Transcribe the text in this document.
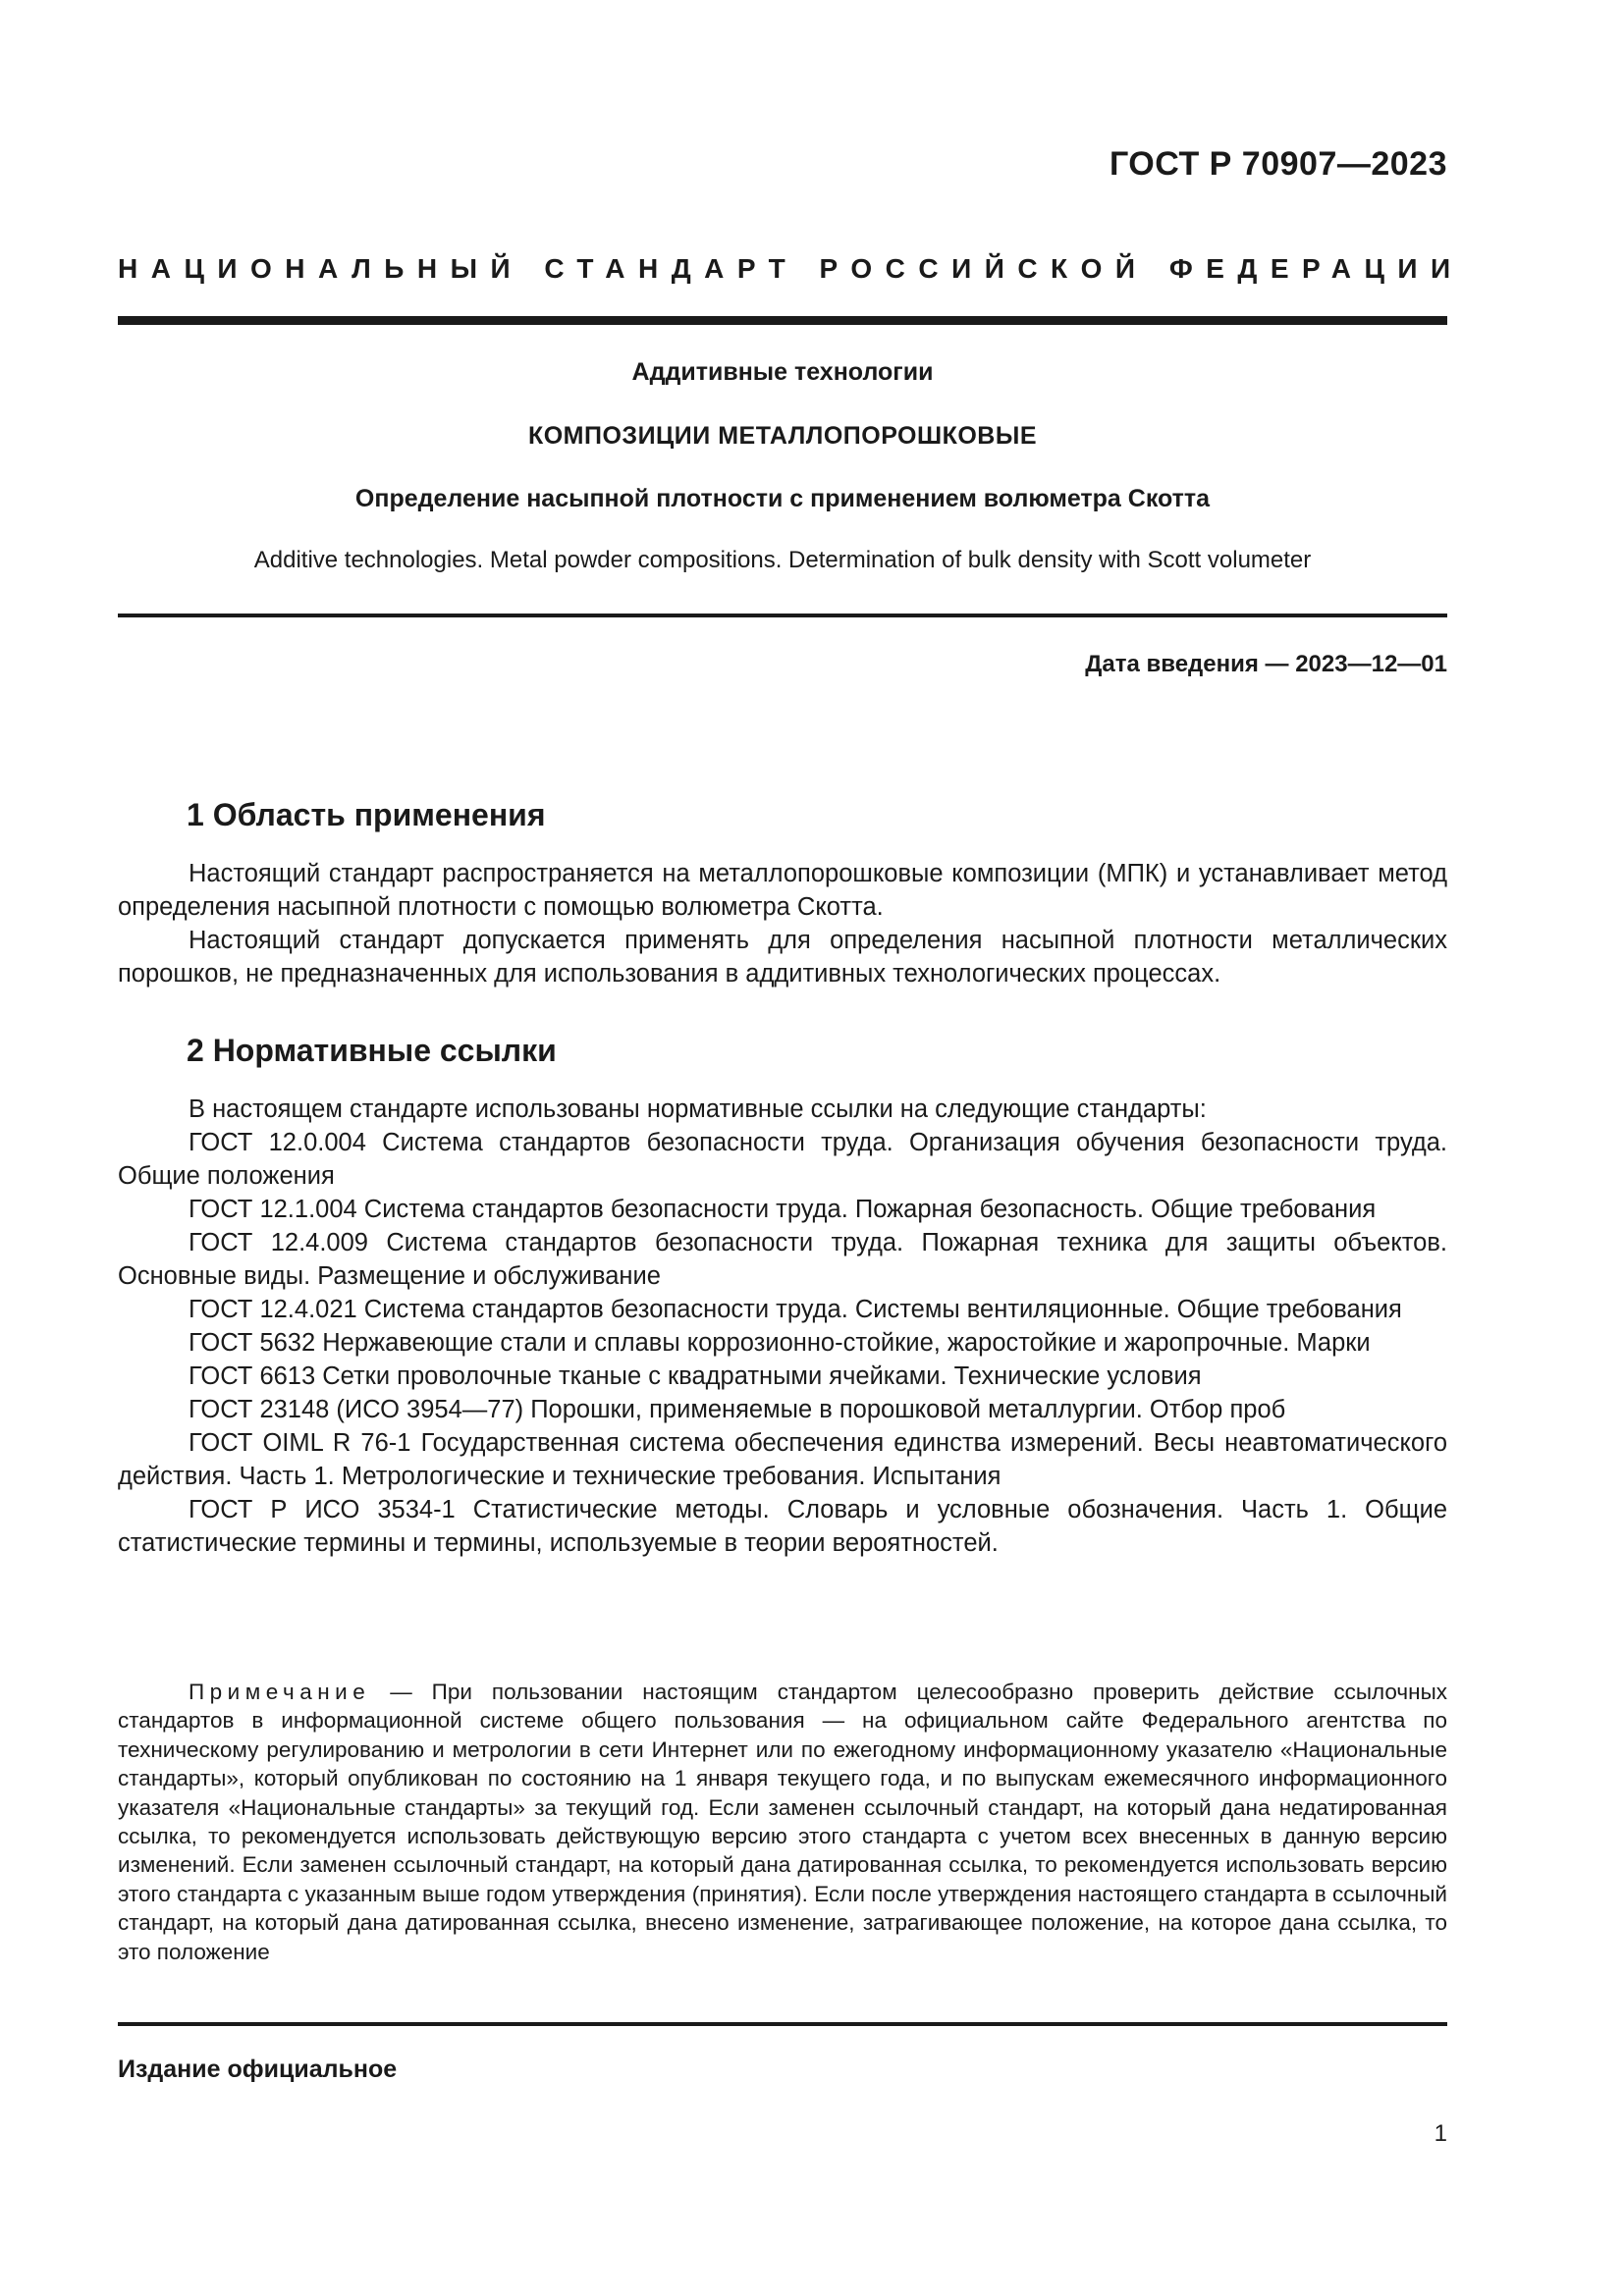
ГОСТ Р 70907—2023
НАЦИОНАЛЬНЫЙ СТАНДАРТ РОССИЙСКОЙ ФЕДЕРАЦИИ
Аддитивные технологии
КОМПОЗИЦИИ МЕТАЛЛОПОРОШКОВЫЕ
Определение насыпной плотности с применением волюметра Скотта
Additive technologies. Metal powder compositions. Determination of bulk density with Scott volumeter
Дата введения — 2023—12—01
1 Область применения

Настоящий стандарт распространяется на металлопорошковые композиции (МПК) и устанавливает метод определения насыпной плотности с помощью волюметра Скотта.

Настоящий стандарт допускается применять для определения насыпной плотности металлических порошков, не предназначенных для использования в аддитивных технологических процессах.

2 Нормативные ссылки

В настоящем стандарте использованы нормативные ссылки на следующие стандарты:

ГОСТ 12.0.004 Система стандартов безопасности труда. Организация обучения безопасности труда. Общие положения

ГОСТ 12.1.004 Система стандартов безопасности труда. Пожарная безопасность. Общие требования

ГОСТ 12.4.009 Система стандартов безопасности труда. Пожарная техника для защиты объектов. Основные виды. Размещение и обслуживание

ГОСТ 12.4.021 Система стандартов безопасности труда. Системы вентиляционные. Общие требования

ГОСТ 5632 Нержавеющие стали и сплавы коррозионно-стойкие, жаростойкие и жаропрочные. Марки

ГОСТ 6613 Сетки проволочные тканые с квадратными ячейками. Технические условия

ГОСТ 23148 (ИСО 3954—77) Порошки, применяемые в порошковой металлургии. Отбор проб

ГОСТ OIML R 76-1 Государственная система обеспечения единства измерений. Весы неавтоматического действия. Часть 1. Метрологические и технические требования. Испытания

ГОСТ Р ИСО 3534-1 Статистические методы. Словарь и условные обозначения. Часть 1. Общие статистические термины и термины, используемые в теории вероятностей.

Примечание — При пользовании настоящим стандартом целесообразно проверить действие ссылочных стандартов в информационной системе общего пользования — на официальном сайте Федерального агентства по техническому регулированию и метрологии в сети Интернет или по ежегодному информационному указателю «Национальные стандарты», который опубликован по состоянию на 1 января текущего года, и по выпускам ежемесячного информационного указателя «Национальные стандарты» за текущий год. Если заменен ссылочный стандарт, на который дана недатированная ссылка, то рекомендуется использовать действующую версию этого стандарта с учетом всех внесенных в данную версию изменений. Если заменен ссылочный стандарт, на который дана датированная ссылка, то рекомендуется использовать версию этого стандарта с указанным выше годом утверждения (принятия). Если после утверждения настоящего стандарта в ссылочный стандарт, на который дана датированная ссылка, внесено изменение, затрагивающее положение, на которое дана ссылка, то это положение
Издание официальное
1
